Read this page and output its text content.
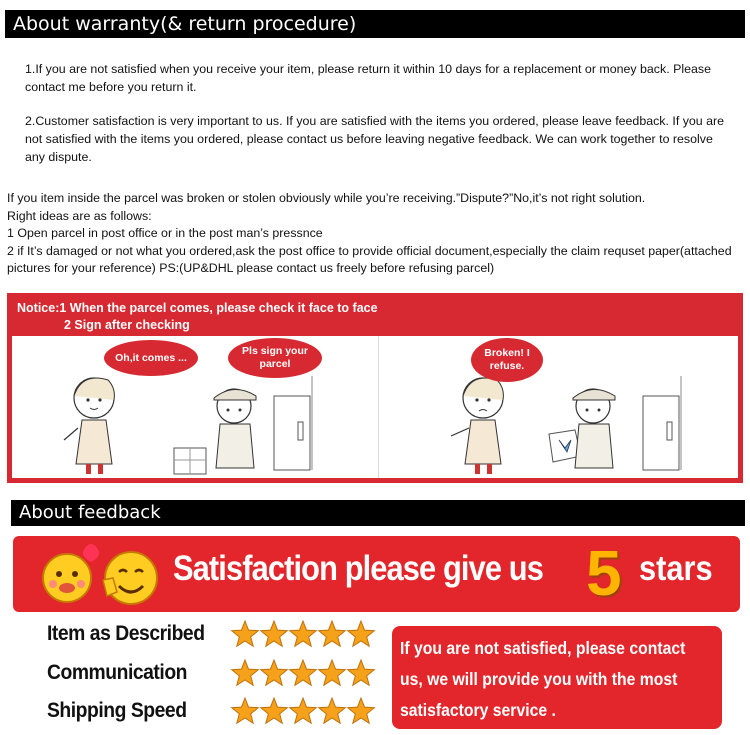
About warranty(& return procedure)
1.If you are not satisfied when you receive your item, please return it within 10 days for a replacement or money back. Please contact me before you return it.
2.Customer satisfaction is very important to us. If you are satisfied with the items you ordered, please leave feedback. If you are not satisfied with the items you ordered, please contact us before leaving negative feedback. We can work together to resolve any dispute.
If you item inside the parcel was broken or stolen obviously while you’re receiving.”Dispute?”No,it’s not right solution.
Right ideas are as follows:
1 Open parcel in post office or in the post man’s pressnce
2 if It’s damaged or not what you ordered,ask the post office to provide official document,especially the claim requset paper(attached pictures for your reference) PS:(UP&DHL please contact us freely before refusing parcel)
Notice:1 When the parcel comes, please check it face to face
2 Sign after checking
Oh,it comes ...
Pls sign your parcel
Broken! I refuse.
About feedback
Satisfaction please give us 5 stars
Item as Described
Communication
Shipping Speed
If you are not satisfied, please contact
us, we will provide you with the most
satisfactory service .
